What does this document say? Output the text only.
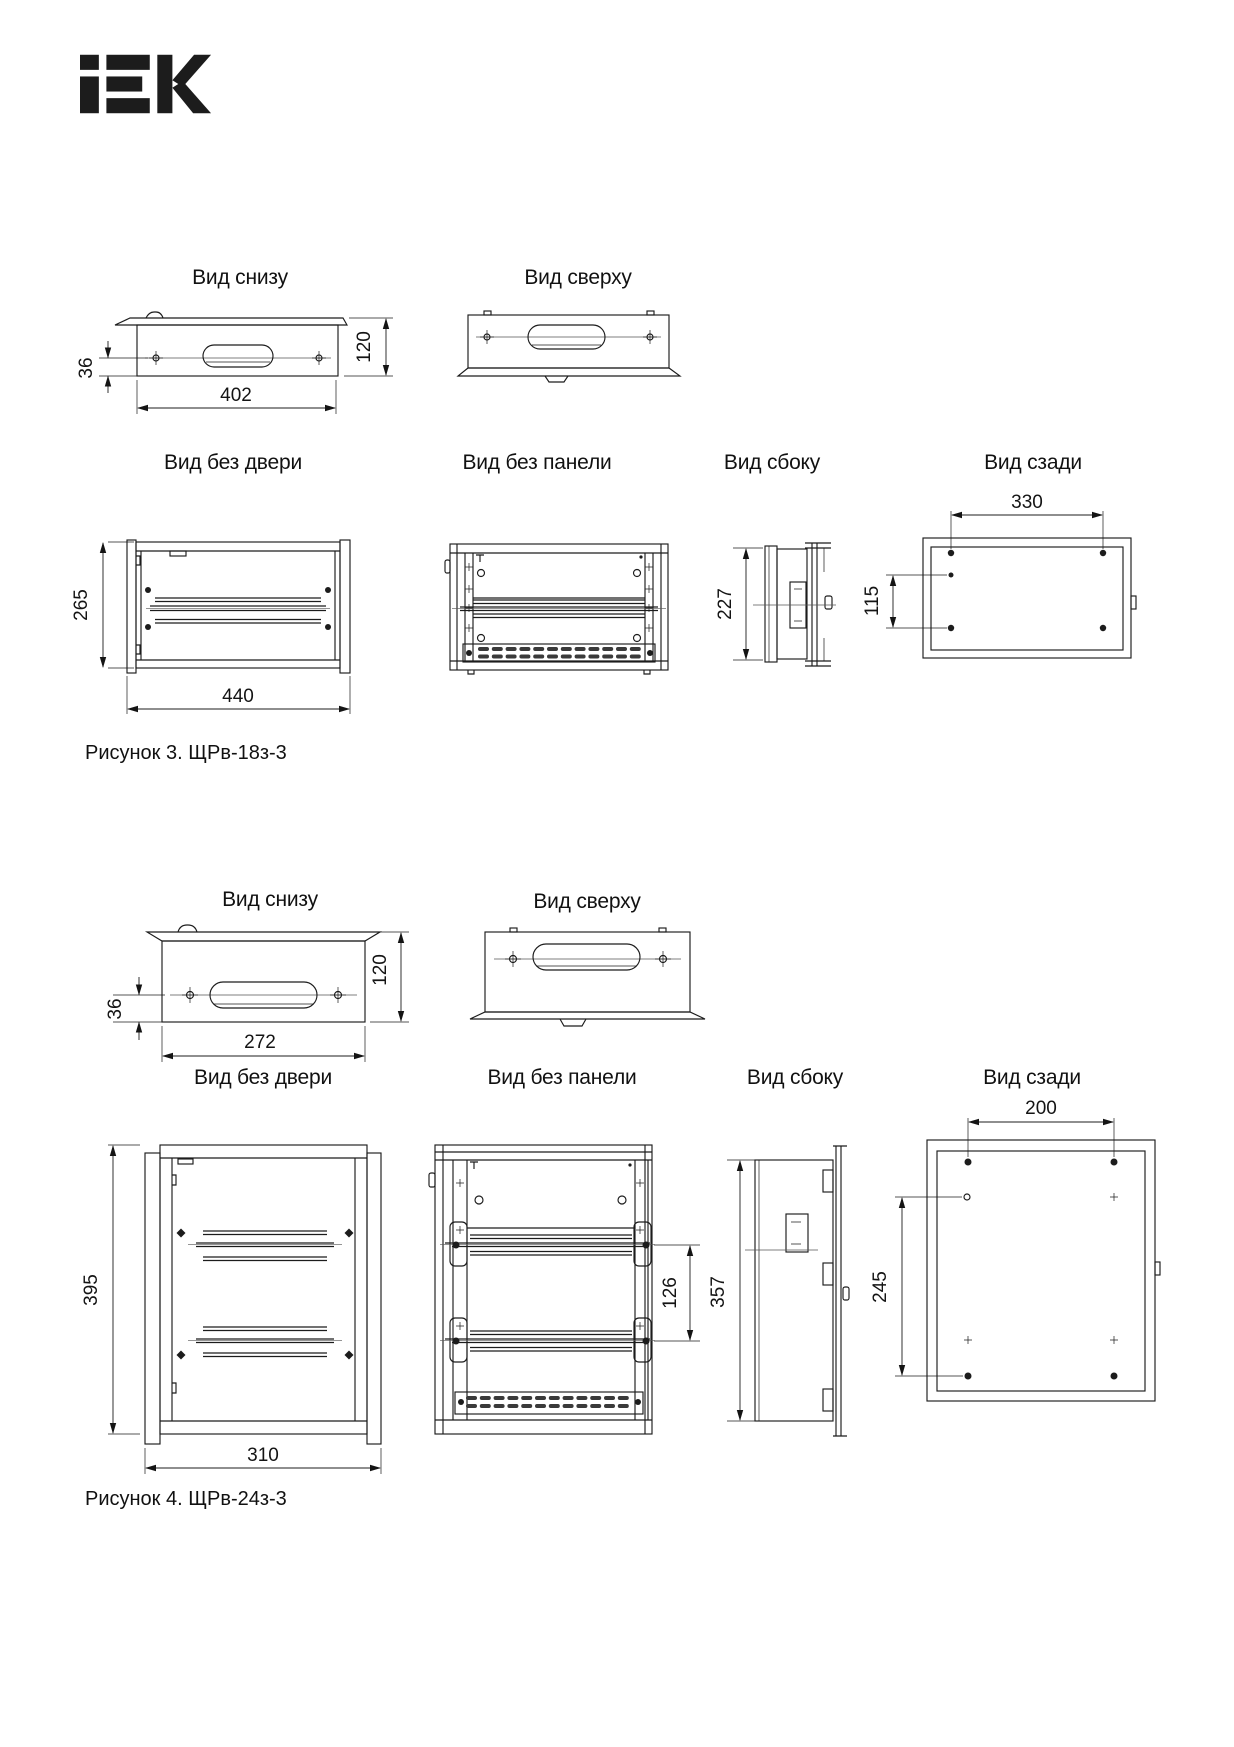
Вид снизу	Вид сверху
Вид без двери	Вид без панели	Вид сбоку	Вид сзади
Рисунок 3. ЩРв-18з-3
Вид снизу	Вид сверху
Вид без двери	Вид без панели	Вид сбоку	Вид сзади
Рисунок 4. ЩРв-24з-3
36
120
402
265
440
227
330
115
36
120
272
395
310
126 357
200
245
